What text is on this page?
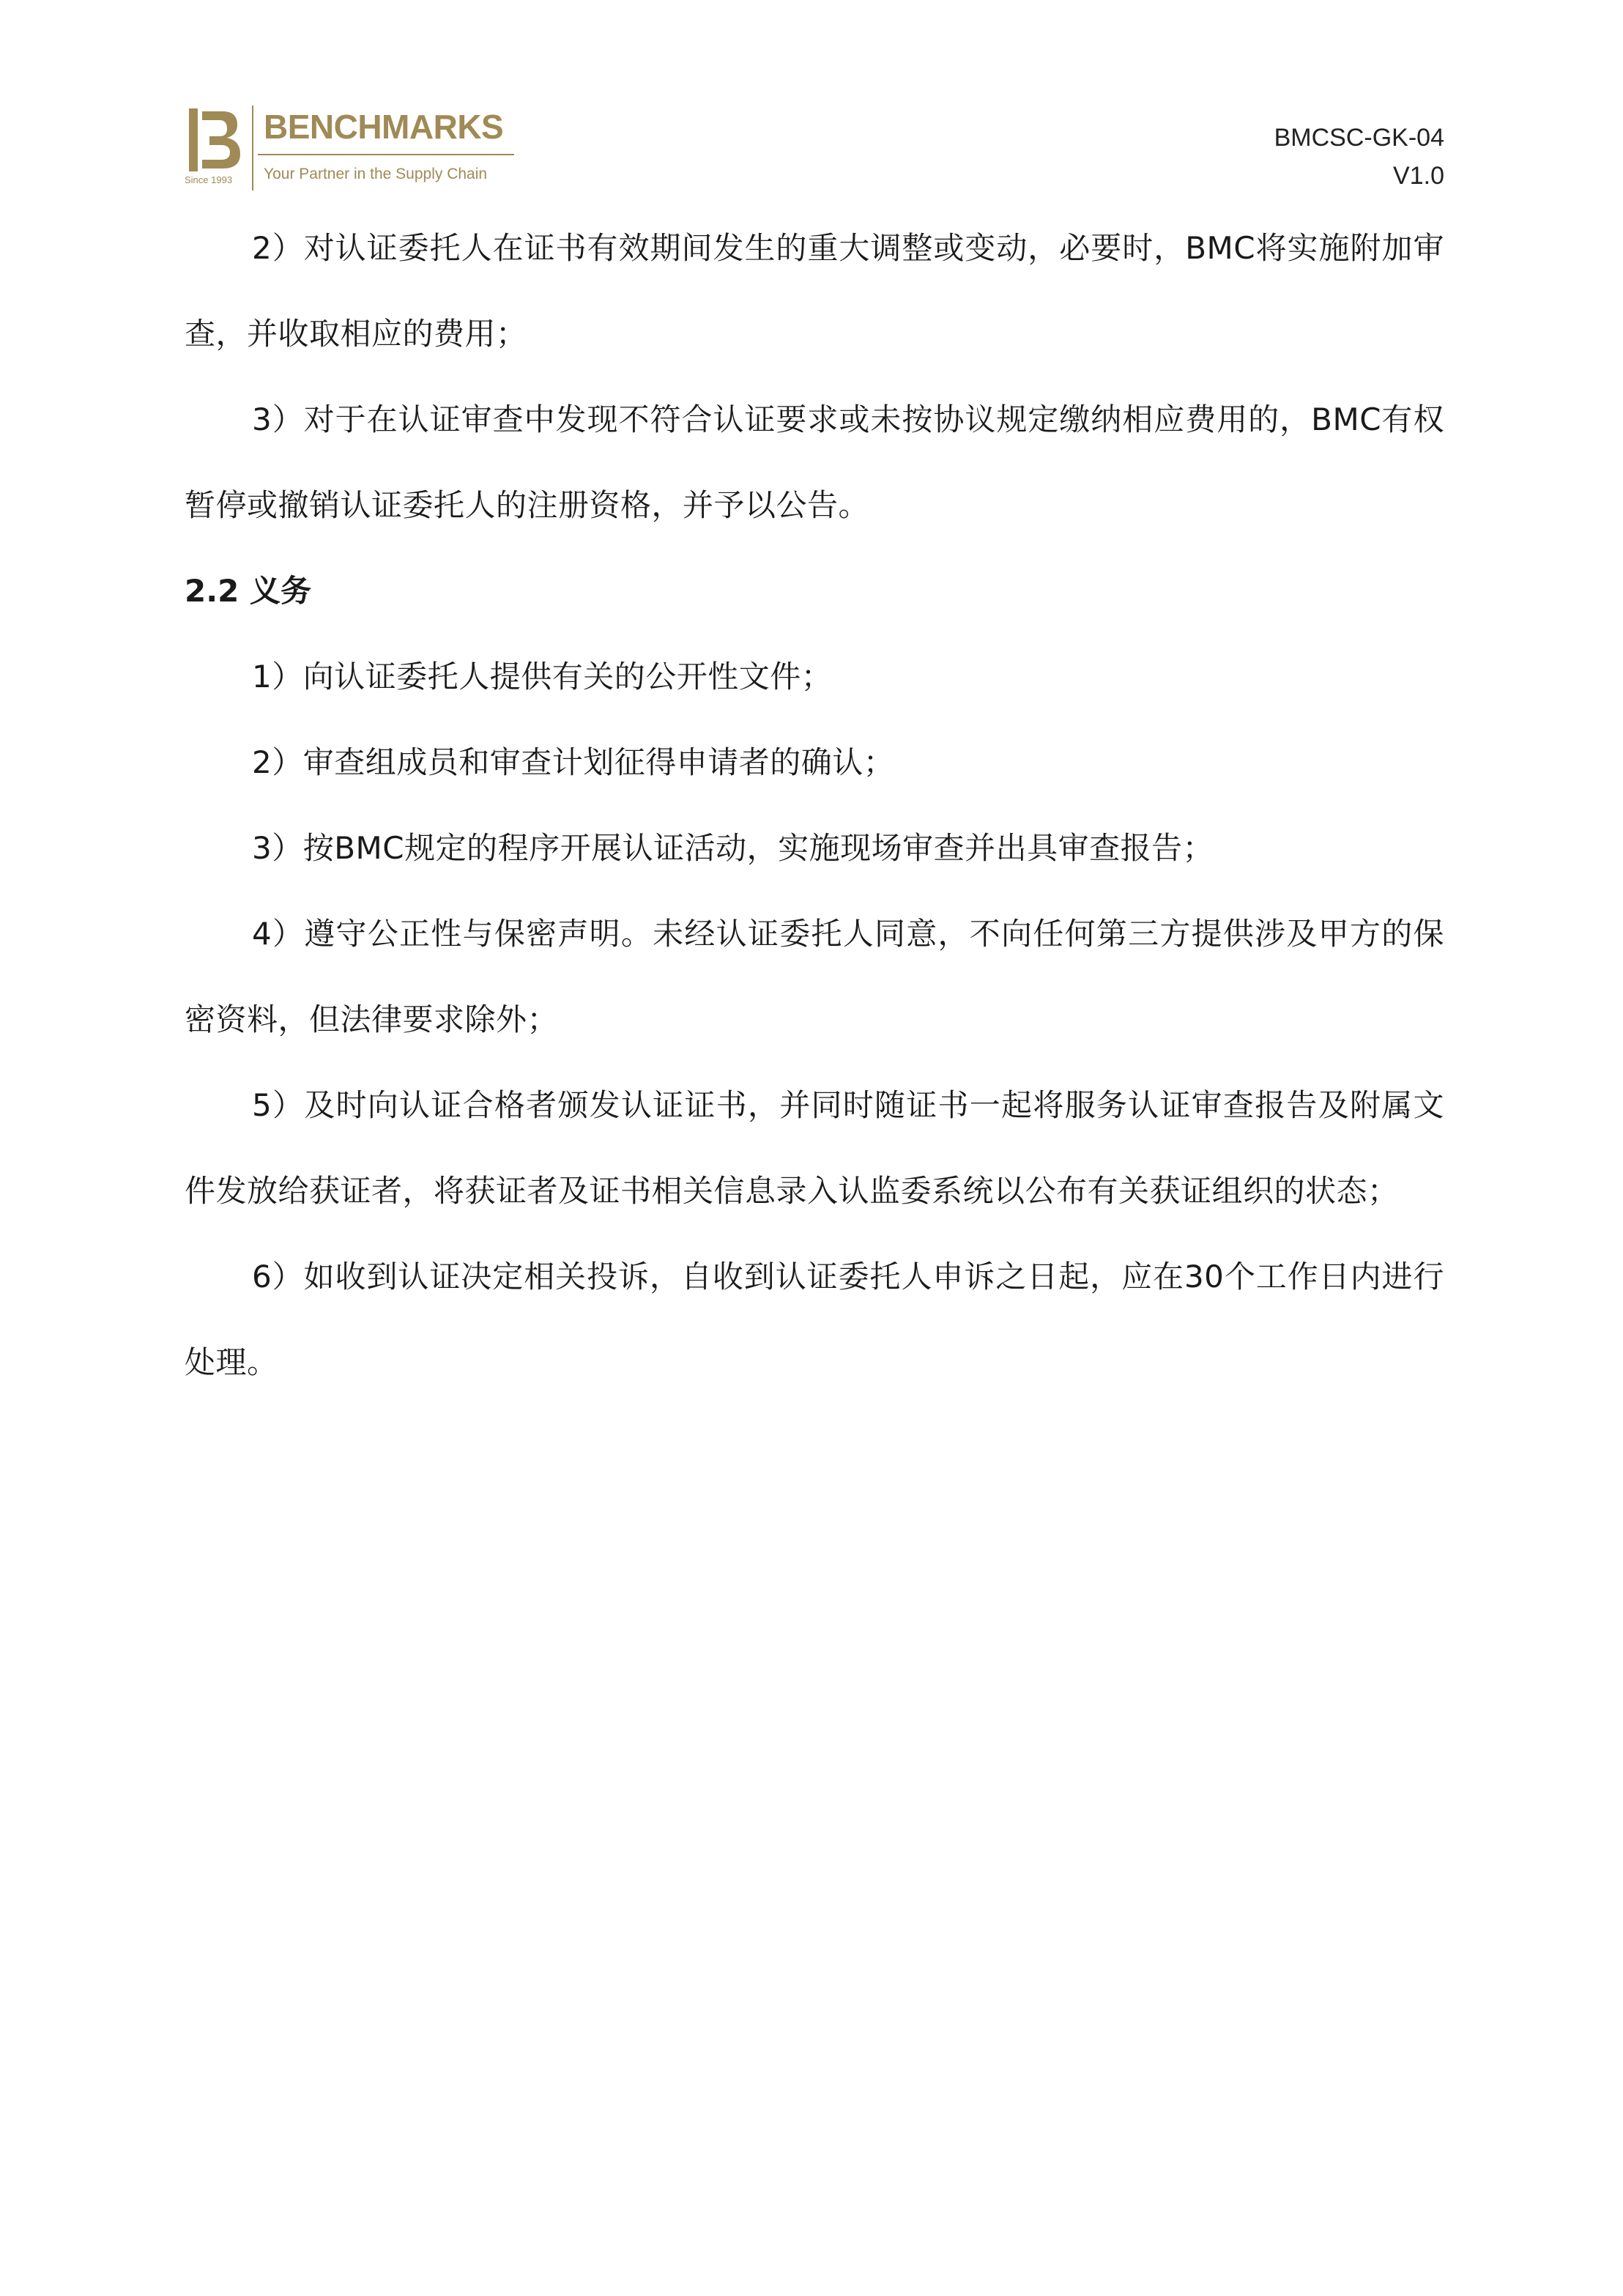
Since 1993
BENCHMARKS
Your Partner in the Supply Chain
BMCSC-GK-04
V1.0

2）对认证委托人在证书有效期间发生的重大调整或变动，必要时，BMC将实施附加审查，并收取相应的费用；

3）对于在认证审查中发现不符合认证要求或未按协议规定缴纳相应费用的，BMC有权暂停或撤销认证委托人的注册资格，并予以公告。

2.2 义务

1）向认证委托人提供有关的公开性文件；

2）审查组成员和审查计划征得申请者的确认；

3）按BMC规定的程序开展认证活动，实施现场审查并出具审查报告；

4）遵守公正性与保密声明。未经认证委托人同意，不向任何第三方提供涉及甲方的保密资料，但法律要求除外；

5）及时向认证合格者颁发认证证书，并同时随证书一起将服务认证审查报告及附属文件发放给获证者，将获证者及证书相关信息录入认监委系统以公布有关获证组织的状态；

6）如收到认证决定相关投诉，自收到认证委托人申诉之日起，应在30个工作日内进行处理。
